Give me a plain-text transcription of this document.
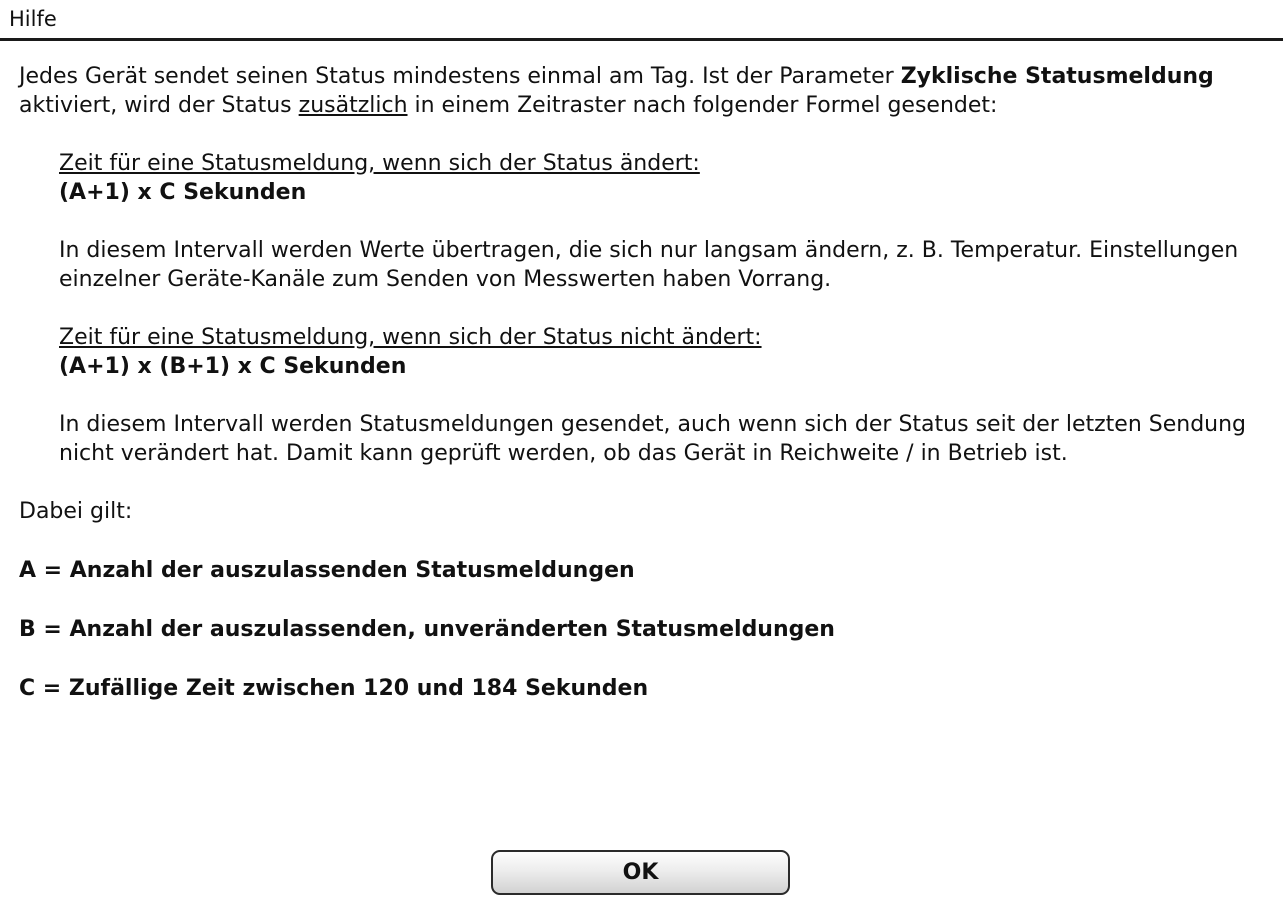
Hilfe

Jedes Gerät sendet seinen Status mindestens einmal am Tag. Ist der Parameter Zyklische Statusmeldung aktiviert, wird der Status zusätzlich in einem Zeitraster nach folgender Formel gesendet:

Zeit für eine Statusmeldung, wenn sich der Status ändert:

(A+1) x C Sekunden

In diesem Intervall werden Werte übertragen, die sich nur langsam ändern, z. B. Temperatur. Einstellungen einzelner Geräte-Kanäle zum Senden von Messwerten haben Vorrang.

Zeit für eine Statusmeldung, wenn sich der Status nicht ändert:

(A+1) x (B+1) x C Sekunden

In diesem Intervall werden Statusmeldungen gesendet, auch wenn sich der Status seit der letzten Sendung nicht verändert hat. Damit kann geprüft werden, ob das Gerät in Reichweite / in Betrieb ist.

Dabei gilt:

A = Anzahl der auszulassenden Statusmeldungen

B = Anzahl der auszulassenden, unveränderten Statusmeldungen

C = Zufällige Zeit zwischen 120 und 184 Sekunden

OK
